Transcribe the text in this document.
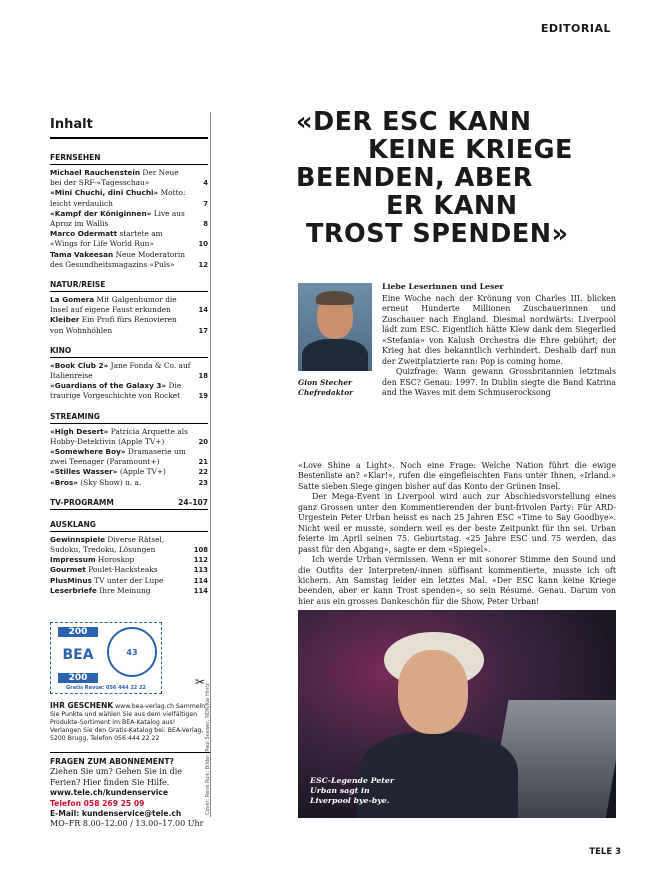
EDITORIAL
Inhalt
FERNSEHEN
Michael Rauchenstein Der Neue bei der SRF-«Tagesschau»	4
«Mini Chuchi, dini Chuchi» Motto: leicht verdaulich	7
«Kampf der Königinnen» Live aus Aproz im Wallis	8
Marco Odermatt startete am «Wings for Life World Run»	10
Tama Vakeesan Neue Moderatorin des Gesundheitsmagazins «Puls»	12
NATUR/REISE
La Gomera Mit Galgenhumor die Insel auf eigene Faust erkunden	14
Kleiber Ein Profi fürs Renovieren von Wohnhöhlen	17
KINO
«Book Club 2» Jane Fonda & Co. auf Italienreise	18
«Guardians of the Galaxy 3» Die traurige Vorgeschichte von Rocket	19
STREAMING
«High Desert» Patricia Arquette als Hobby-Detektivin (Apple TV+)	20
«Somewhere Boy» Dramaserie um zwei Teenager (Paramount+)	21
«Stilles Wasser» (Apple TV+)	22
«Bros» (Sky Show) u. a.	23
TV-PROGRAMM	24–107
AUSKLANG
Gewinnspiele Diverse Rätsel, Sudoku, Tredoku, Lösungen	108
Impressum Horoskop	112
Gourmet Poulet-Hacksteaks	113
PlusMinus TV unter der Lupe	114
Leserbriefe Ihre Meinung	114
200
BEA
200
43
Gratis Revue: 056 444 22 22	✂
IHR GESCHENK www.bea-verlag.ch Sammeln Sie Punkte und wählen Sie aus dem vielfältigen Produkte-Sortiment im BEA-Katalog aus! Verlangen Sie den Gratis-Katalog bei: BEA-Verlag, 5200 Brugg, Telefon 056 444 22 22
FRAGEN ZUM ABONNEMENT?
Ziehen Sie um? Gehen Sie in die Ferien? Hier finden Sie Hilfe.
www.tele.ch/kundenservice
Telefon 058 269 25 09
E-Mail: kundenservice@tele.ch
MO–FR 8.00–12.00 / 13.00–17.00 Uhr
Cover: René Ruis; Bilder: Paul Seewer, NDR/Kai Hintz
«DER ESC KANN
KEINE KRIEGE
BEENDEN, ABER
ER KANN
TROST SPENDEN»
Gion Stecher
Chefredaktor
Liebe Leserinnen und Leser

Eine Woche nach der Krönung von Charles III. blicken erneut Hunderte Millionen Zuschauerinnen und Zuschauer nach England. Diesmal nordwärts: Liverpool lädt zum ESC. Eigentlich hätte Kiew dank dem Siegerlied «Stefania» von Kalush Orchestra die Ehre gebührt; der Krieg hat dies bekanntlich verhindert. Deshalb darf nun der Zweitplatzierte ran: Pop is coming home.

Quizfrage: Wann gewann Grossbritannien letztmals den ESC? Genau: 1997. In Dublin siegte die Band Katrina and the Waves mit dem Schmuserocksong

«Love Shine a Light». Noch eine Frage: Welche Nation führt die ewige Bestenliste an? «Klar!», rufen die eingefleischten Fans unter Ihnen, «Irland.» Satte sieben Siege gingen bisher auf das Konto der Grünen Insel.

Der Mega-Event in Liverpool wird auch zur Abschiedsvorstellung eines ganz Grossen unter den Kommentierenden der bunt-frivolen Party: Für ARD-Urgestein Peter Urban heisst es nach 25 Jahren ESC «Time to Say Goodbye». Nicht weil er musste, sondern weil es der beste Zeitpunkt für ihn sei. Urban feierte im April seinen 75. Geburtstag. «25 Jahre ESC und 75 werden, das passt für den Abgang», sagte er dem «Spiegel».

Ich werde Urban vermissen. Wenn er mit sonorer Stimme den Sound und die Outfits der Interpreten/-innen süffisant kommentierte, musste ich oft kichern. Am Samstag leider ein letztes Mal. «Der ESC kann keine Kriege beenden, aber er kann Trost spenden», so sein Résumé. Genau. Darum von hier aus ein grosses Dankeschön für die Show, Peter Urban!

ESC-Legende Peter
Urban sagt in
Liverpool bye-bye.
TELE 3
